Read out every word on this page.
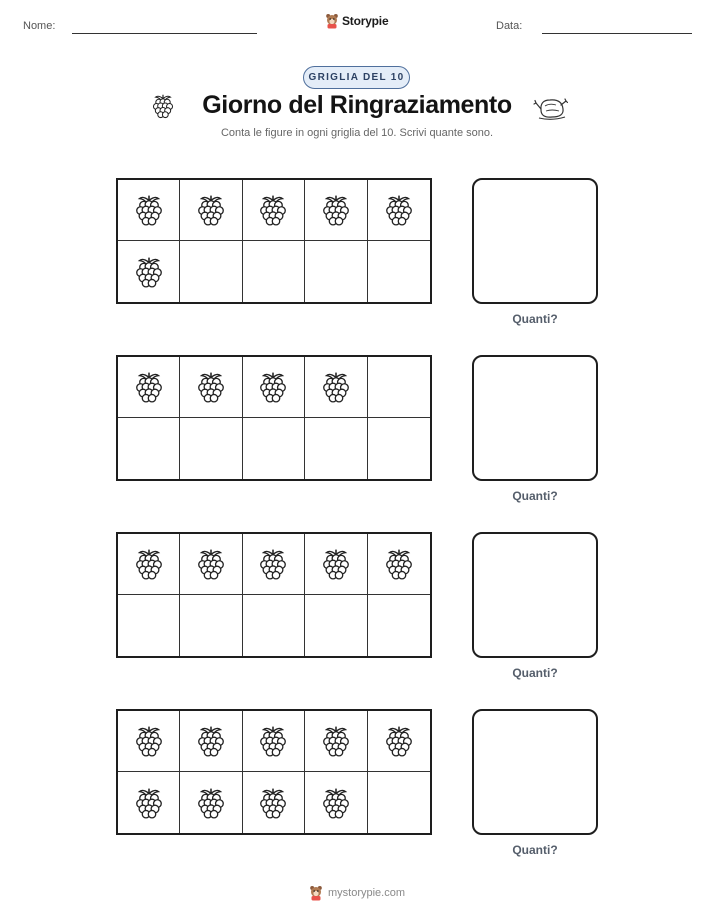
Nome:	Storypie	Data:
GRIGLIA DEL 10
Giorno del Ringraziamento
Conta le figure in ogni griglia del 10. Scrivi quante sono.
Quanti?
Quanti?
Quanti?
Quanti?
mystorypie.com
